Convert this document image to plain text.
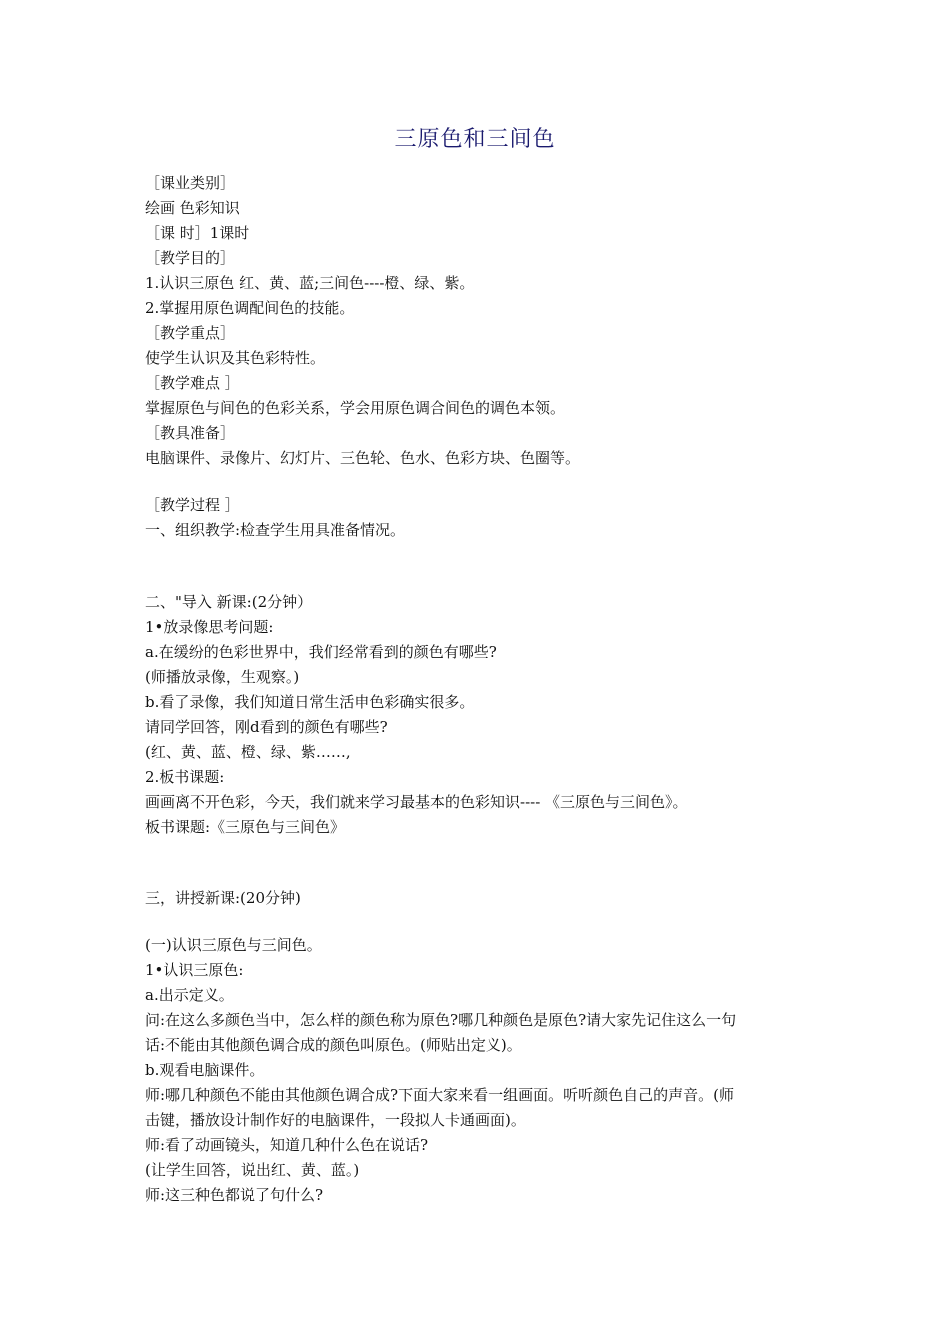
三原色和三间色
［课业类别］
绘画 色彩知识
［课 时］1课时
［教学目的］
1.认识三原色 红、黄、蓝;三间色----橙、绿、紫。
2.掌握用原色调配间色的技能。
［教学重点］
使学生认识及其色彩特性。
［教学难点 ］
掌握原色与间色的色彩关系，学会用原色调合间色的调色本领。
［教具准备］
电脑课件、录像片、幻灯片、三色轮、色水、色彩方块、色圈等。
［教学过程 ］
一、组织教学:检查学生用具准备情况。
二、"导入 新课:(2分钟）
1•放录像思考问题:
a.在缓纷的色彩世界中，我们经常看到的颜色有哪些?
(师播放录像，生观察。)
b.看了录像，我们知道日常生活申色彩确实很多。
请同学回答，刚d看到的颜色有哪些?
(红、黄、蓝、橙、绿、紫……,
2.板书课题:
画画离不开色彩，今天，我们就来学习最基本的色彩知识---- 《三原色与三间色》。
板书课题:《三原色与三间色》
三，讲授新课:(20分钟)
(一)认识三原色与三间色。
1•认识三原色:
a.出示定义。
问:在这么多颜色当中，怎么样的颜色称为原色?哪几种颜色是原色?请大家先记住这么一句
话:不能由其他颜色调合成的颜色叫原色。(师贴出定义)。
b.观看电脑课件。
师:哪几种颜色不能由其他颜色调合成?下面大家来看一组画面。听听颜色自己的声音。(师
击键，播放设计制作好的电脑课件，一段拟人卡通画面)。
师:看了动画镜头，知道几种什么色在说话?
(让学生回答，说出红、黄、蓝。)
师:这三种色都说了句什么?
